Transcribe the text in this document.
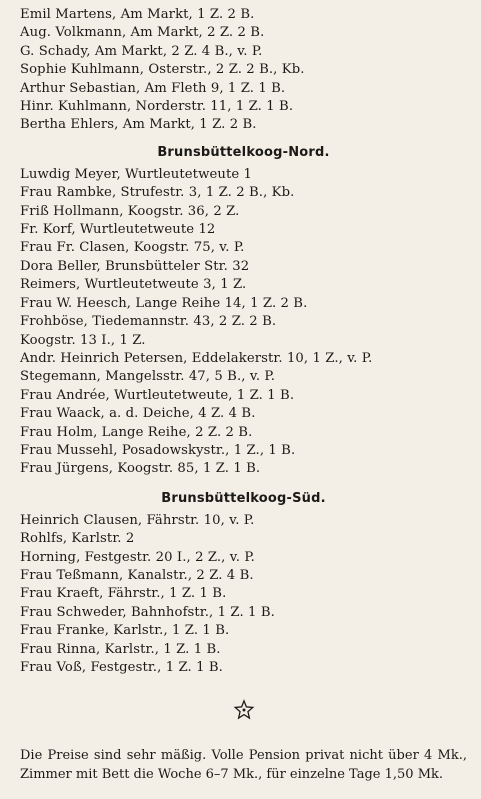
Emil Martens, Am Markt, 1 Z. 2 B.
Aug. Volkmann, Am Markt, 2 Z. 2 B.
G. Schady, Am Markt, 2 Z. 4 B., v. P.
Sophie Kuhlmann, Osterstr., 2 Z. 2 B., Kb.
Arthur Sebastian, Am Fleth 9, 1 Z. 1 B.
Hinr. Kuhlmann, Norderstr. 11, 1 Z. 1 B.
Bertha Ehlers, Am Markt, 1 Z. 2 B.
Brunsbüttelkoog-Nord.
Luwdig Meyer, Wurtleutetweute 1
Frau Rambke, Strufestr. 3, 1 Z. 2 B., Kb.
Friß Hollmann, Koogstr. 36, 2 Z.
Fr. Korf, Wurtleutetweute 12
Frau Fr. Clasen, Koogstr. 75, v. P.
Dora Beller, Brunsbütteler Str. 32
Reimers, Wurtleutetweute 3, 1 Z.
Frau W. Heesch, Lange Reihe 14, 1 Z. 2 B.
Frohböse, Tiedemannstr. 43, 2 Z. 2 B.
Koogstr. 13 I., 1 Z.
Andr. Heinrich Petersen, Eddelakerstr. 10, 1 Z., v. P.
Stegemann, Mangelsstr. 47, 5 B., v. P.
Frau Andrée, Wurtleutetweute, 1 Z. 1 B.
Frau Waack, a. d. Deiche, 4 Z. 4 B.
Frau Holm, Lange Reihe, 2 Z. 2 B.
Frau Mussehl, Posadowskystr., 1 Z., 1 B.
Frau Jürgens, Koogstr. 85, 1 Z. 1 B.
Brunsbüttelkoog-Süd.
Heinrich Clausen, Fährstr. 10, v. P.
Rohlfs, Karlstr. 2
Horning, Festgestr. 20 I., 2 Z., v. P.
Frau Teßmann, Kanalstr., 2 Z. 4 B.
Frau Kraeft, Fährstr., 1 Z. 1 B.
Frau Schweder, Bahnhofstr., 1 Z. 1 B.
Frau Franke, Karlstr., 1 Z. 1 B.
Frau Rinna, Karlstr., 1 Z. 1 B.
Frau Voß, Festgestr., 1 Z. 1 B.

Die Preise sind sehr mäßig. Volle Pension privat nicht über 4 Mk., Zimmer mit Bett die Woche 6–7 Mk., für einzelne Tage 1,50 Mk.
